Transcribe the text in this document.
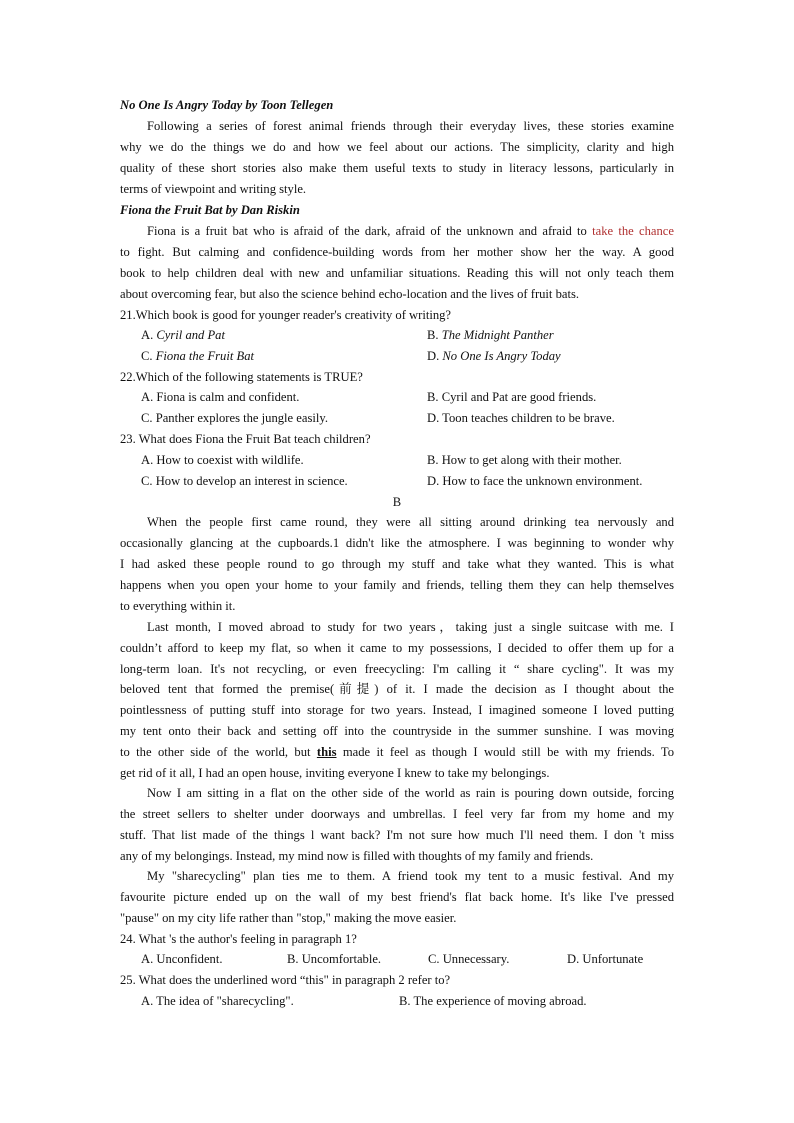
No One Is Angry Today by Toon Tellegen
Following a series of forest animal friends through their everyday lives, these stories examine
why we do the things we do and how we feel about our actions. The simplicity, clarity and high
quality of these short stories also make them useful texts to study in literacy lessons, particularly in
terms of viewpoint and writing style.
Fiona the Fruit Bat by Dan Riskin
Fiona is a fruit bat who is afraid of the dark, afraid of the unknown and afraid to take the chance
to fight. But calming and confidence-building words from her mother show her the way. A good
book to help children deal with new and unfamiliar situations. Reading this will not only teach them
about overcoming fear, but also the science behind echo-location and the lives of fruit bats.
21.Which book is good for younger reader's creativity of writing?
A. Cyril and Pat	B. The Midnight Panther
C. Fiona the Fruit Bat	D. No One Is Angry Today
22.Which of the following statements is TRUE?
A. Fiona is calm and confident.	B. Cyril and Pat are good friends.
C. Panther explores the jungle easily.	D. Toon teaches children to be brave.
23. What does Fiona the Fruit Bat teach children?
A. How to coexist with wildlife.	B. How to get along with their mother.
C. How to develop an interest in science.	D. How to face the unknown environment.
B
When the people first came round, they were all sitting around drinking tea nervously and
occasionally glancing at the cupboards.1 didn't like the atmosphere. I was beginning to wonder why
I had asked these people round to go through my stuff and take what they wanted. This is what
happens when you open your home to your family and friends, telling them they can help themselves
to everything within it.
Last month, I moved abroad to study for two years，taking just a single suitcase with me. I
couldn’t afford to keep my flat, so when it came to my possessions, I decided to offer them up for a
long-term loan. It's not recycling, or even freecycling: I'm calling it “ share cycling". It was my
beloved tent that formed the premise(前提) of it. I made the decision as I thought about the
pointlessness of putting stuff into storage for two years. Instead, I imagined someone I loved putting
my tent onto their back and setting off into the countryside in the summer sunshine. I was moving
to the other side of the world, but this made it feel as though I would still be with my friends. To
get rid of it all, I had an open house, inviting everyone I knew to take my belongings.
Now I am sitting in a flat on the other side of the world as rain is pouring down outside, forcing
the street sellers to shelter under doorways and umbrellas. I feel very far from my home and my
stuff. That list made of the things l want back? I'm not sure how much I'll need them. I don 't miss
any of my belongings. Instead, my mind now is filled with thoughts of my family and friends.
My "sharecycling" plan ties me to them. A friend took my tent to a music festival. And my
favourite picture ended up on the wall of my best friend's flat back home. It's like I've pressed
"pause" on my city life rather than "stop," making the move easier.
24. What 's the author's feeling in paragraph 1?
A. Unconfident.	B. Uncomfortable.	C. Unnecessary.	D. Unfortunate
25. What does the underlined word “this" in paragraph 2 refer to?
A. The idea of "sharecycling".	B. The experience of moving abroad.
